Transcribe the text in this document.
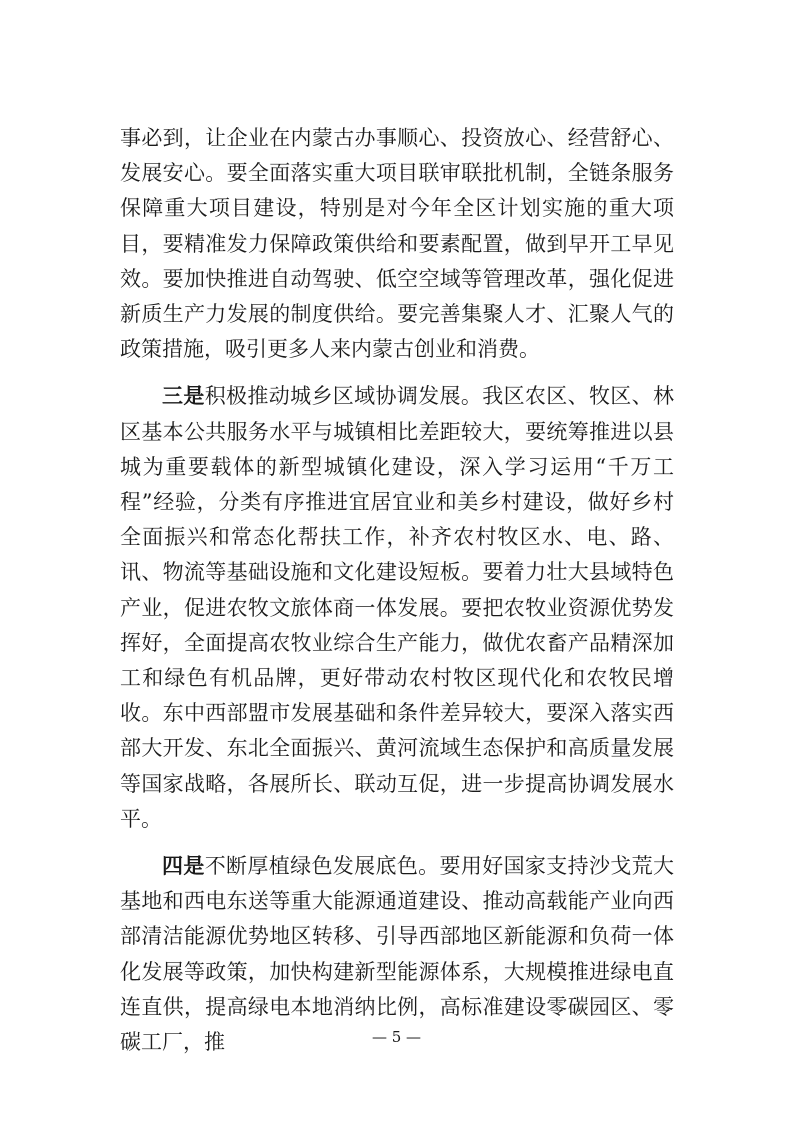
事必到，让企业在内蒙古办事顺心、投资放心、经营舒心、发展安心。要全面落实重大项目联审联批机制，全链条服务保障重大项目建设，特别是对今年全区计划实施的重大项目，要精准发力保障政策供给和要素配置，做到早开工早见效。要加快推进自动驾驶、低空空域等管理改革，强化促进新质生产力发展的制度供给。要完善集聚人才、汇聚人气的政策措施，吸引更多人来内蒙古创业和消费。

三是积极推动城乡区域协调发展。我区农区、牧区、林区基本公共服务水平与城镇相比差距较大，要统筹推进以县城为重要载体的新型城镇化建设，深入学习运用“千万工程”经验，分类有序推进宜居宜业和美乡村建设，做好乡村全面振兴和常态化帮扶工作，补齐农村牧区水、电、路、讯、物流等基础设施和文化建设短板。要着力壮大县域特色产业，促进农牧文旅体商一体发展。要把农牧业资源优势发挥好，全面提高农牧业综合生产能力，做优农畜产品精深加工和绿色有机品牌，更好带动农村牧区现代化和农牧民增收。东中西部盟市发展基础和条件差异较大，要深入落实西部大开发、东北全面振兴、黄河流域生态保护和高质量发展等国家战略，各展所长、联动互促，进一步提高协调发展水平。

四是不断厚植绿色发展底色。要用好国家支持沙戈荒大基地和西电东送等重大能源通道建设、推动高载能产业向西部清洁能源优势地区转移、引导西部地区新能源和负荷一体化发展等政策，加快构建新型能源体系，大规模推进绿电直连直供，提高绿电本地消纳比例，高标准建设零碳园区、零碳工厂，推	— 5 —
